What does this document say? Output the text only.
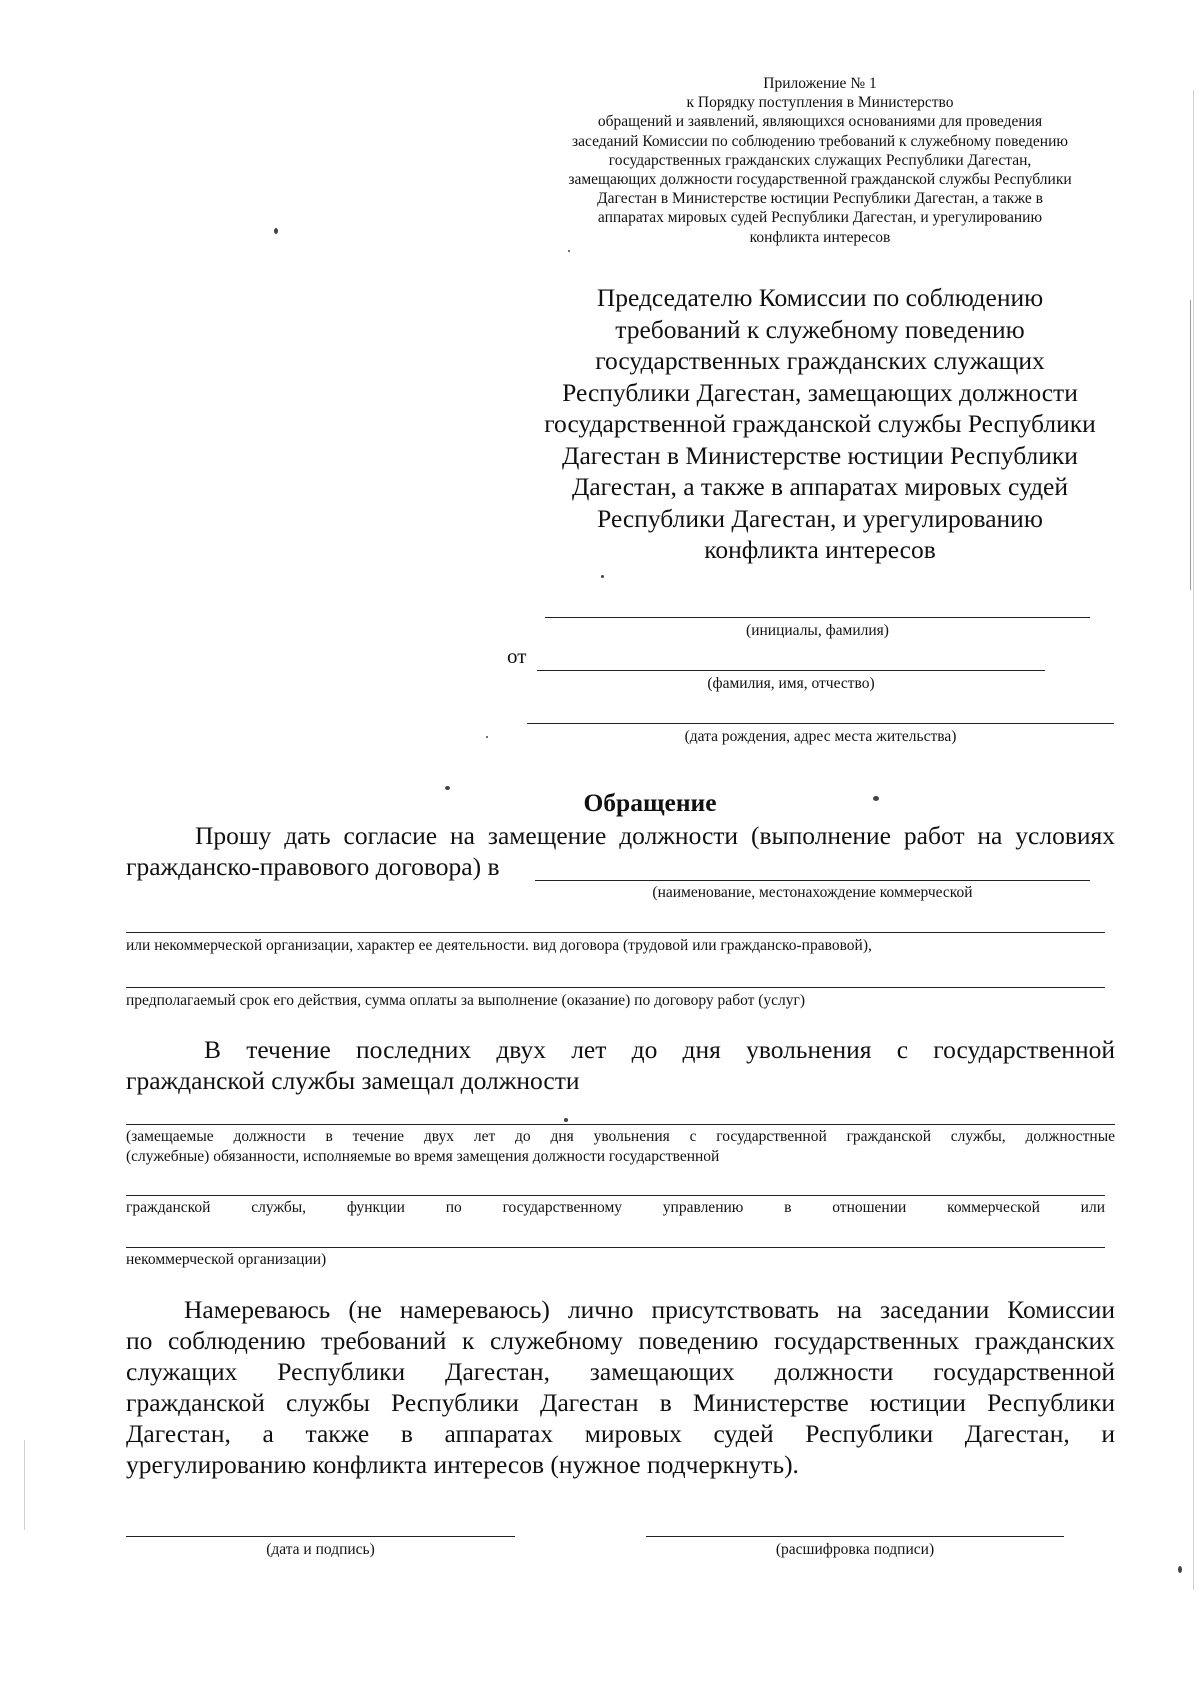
Приложение № 1
к Порядку поступления в Министерство
обращений и заявлений, являющихся основаниями для проведения
заседаний Комиссии по соблюдению требований к служебному поведению
государственных гражданских служащих Республики Дагестан,
замещающих должности государственной гражданской службы Республики
Дагестан в Министерстве юстиции Республики Дагестан, а также в
аппаратах мировых судей Республики Дагестан, и урегулированию
конфликта интересов
Председателю Комиссии по соблюдению
требований к служебному поведению
государственных гражданских служащих
Республики Дагестан, замещающих должности
государственной гражданской службы Республики
Дагестан в Министерстве юстиции Республики
Дагестан, а также в аппаратах мировых судей
Республики Дагестан, и урегулированию
конфликта интересов
(инициалы, фамилия)
от
(фамилия, имя, отчество)
(дата рождения, адрес места жительства)
Обращение
Прошу дать согласие на замещение должности (выполнение работ на условиях
гражданско-правового договора) в
(наименование, местонахождение коммерческой
или некоммерческой организации, характер ее деятельности. вид договора (трудовой или гражданско-правовой),
предполагаемый срок его действия, сумма оплаты за выполнение (оказание) по договору работ (услуг)
В течение последних двух лет до дня увольнения с государственной
гражданской службы замещал должности
(замещаемые должности в течение двух лет до дня увольнения с государственной гражданской службы, должностные
(служебные) обязанности, исполняемые во время замещения должности государственной
гражданской службы, функции по государственному управлению в отношении коммерческой или
некоммерческой организации)
Намереваюсь (не намереваюсь) лично присутствовать на заседании Комиссии
по соблюдению требований к служебному поведению государственных гражданских
служащих Республики Дагестан, замещающих должности государственной
гражданской службы Республики Дагестан в Министерстве юстиции Республики
Дагестан, а также в аппаратах мировых судей Республики Дагестан, и
урегулированию конфликта интересов (нужное подчеркнуть).
(дата и подпись)	(расшифровка подписи)
